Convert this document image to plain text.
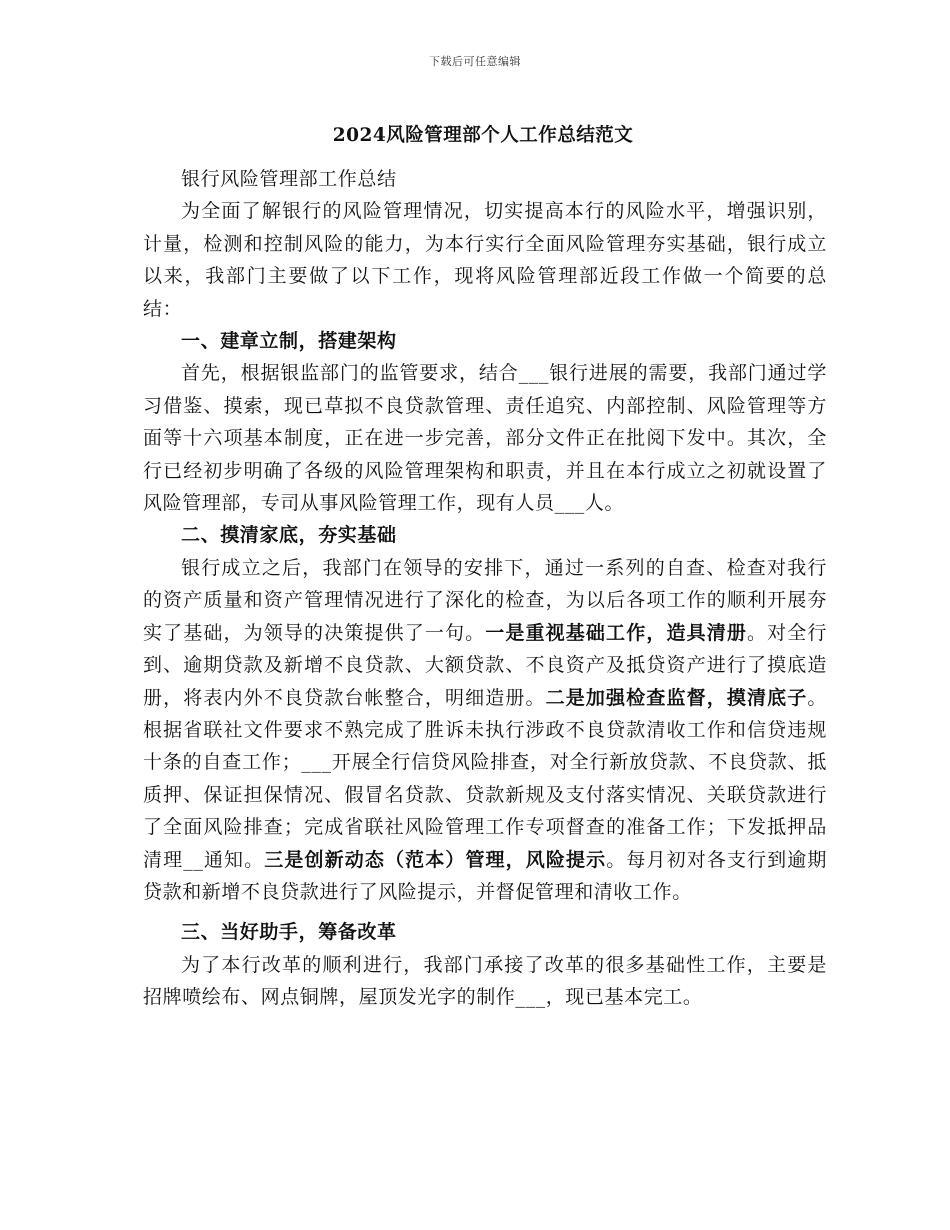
下载后可任意编辑
2024风险管理部个人工作总结范文

银行风险管理部工作总结

为全面了解银行的风险管理情况，切实提高本行的风险水平，增强识别，计量，检测和控制风险的能力，为本行实行全面风险管理夯实基础，银行成立以来，我部门主要做了以下工作，现将风险管理部近段工作做一个简要的总结：

一、建章立制，搭建架构

首先，根据银监部门的监管要求，结合___银行进展的需要，我部门通过学习借鉴、摸索，现已草拟不良贷款管理、责任追究、内部控制、风险管理等方面等十六项基本制度，正在进一步完善，部分文件正在批阅下发中。其次，全行已经初步明确了各级的风险管理架构和职责，并且在本行成立之初就设置了风险管理部，专司从事风险管理工作，现有人员___人。

二、摸清家底，夯实基础

银行成立之后，我部门在领导的安排下，通过一系列的自查、检查对我行的资产质量和资产管理情况进行了深化的检查，为以后各项工作的顺利开展夯实了基础，为领导的决策提供了一句。一是重视基础工作，造具清册。对全行到、逾期贷款及新增不良贷款、大额贷款、不良资产及抵贷资产进行了摸底造册，将表内外不良贷款台帐整合，明细造册。二是加强检查监督，摸清底子。根据省联社文件要求不熟完成了胜诉未执行涉政不良贷款清收工作和信贷违规十条的自查工作；___开展全行信贷风险排查，对全行新放贷款、不良贷款、抵质押、保证担保情况、假冒名贷款、贷款新规及支付落实情况、关联贷款进行了全面风险排查；完成省联社风险管理工作专项督查的准备工作；下发抵押品清理__通知。三是创新动态（范本）管理，风险提示。每月初对各支行到逾期贷款和新增不良贷款进行了风险提示，并督促管理和清收工作。

三、当好助手，筹备改革

为了本行改革的顺利进行，我部门承接了改革的很多基础性工作，主要是招牌喷绘布、网点铜牌，屋顶发光字的制作___，现已基本完工。
